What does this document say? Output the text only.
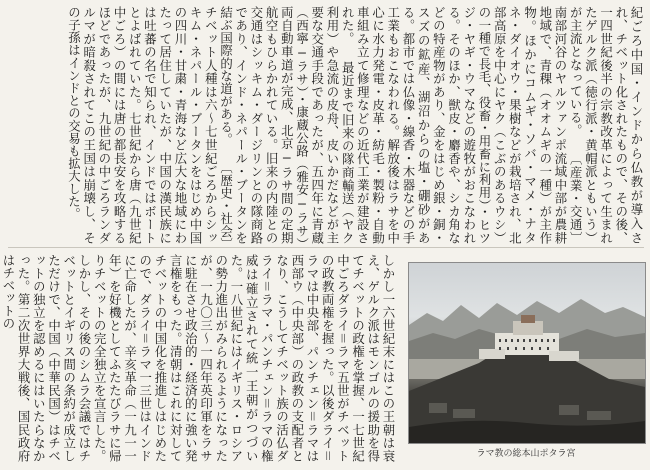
紀ごろ中国・インドから仏教が導入され、チベット化されたもので、その後、一四世紀後半の宗教改革によって生まれたゲルク派（徳行派・黄帽派ともいう）が主流となっている。 〔産業・交通〕南部河谷のヤルツァンポ流域中部が農耕地域で、青稞（オオムギの一種）が主作物。ほかにコムギ・ソバ・マメ・ナタネ・ダイオウ・果樹などが栽培され、北部高原を中心にヤク（こぶのあるウシ）の一種で長毛、役畜・用畜に利用）・ヒツジ・ヤギ・ウマなどの遊牧がおこなわれる。そのほか、獣皮・麝香や、シカ角などの特産物があり、金をはじめ銀・銅・スズの鉱産、湖沼からの塩・硼砂がある。都市では仏像・線香・木器などの手工業もおこなわれる。解放後はラサを中心に水力発電・皮革・紡毛・製粉・自動車組み立て修理などの近代工業が建設された。 最近まで旧来の隊商輸送（ヤク利用）や急流の皮舟、皮いかだなどが主要な交通手段であったが、五四年に青蔵（西寧−ラサ）・康蔵公路（雅安−ラサ）両自動車道が完成、北京−ラサ間の定期航空もひらかれている。旧来の内陸との交通はシッキム・ダージリンとの隊商路であり、インド・ネパール・ブータンを結ぶ国際的な道がある。 〔歴史・社会〕チベット人種は六〜七世紀ごろからシッキム・ネパール・ブータンをはじめ中国の四川・甘粛・青海など広大な地域にわたって居住していたが、中国の漢民族には吐蕃の名で知られ、インドではボートとよばれていた。七世紀から唐（九世紀中ごろ）の間には唐の都長安を攻略するほどであったが、九世紀の中ごろランダルマが暗殺されてこの王国は崩壊し、その子孫はインドとの交易も拡大した。

しかし一六世紀末にはこの王朝は衰え、ゲルク派はモンゴルの援助を得てチベットの政権を掌握、一七世紀中ごろダライ＝ラマ五世がチベットの政教両権を握った。以後ダライ＝ラマは中央部、パンチェン＝ラマは西部ウ（中央部）の政教の支配者となり、こうしてチベット族の活仏ダライ＝ラマ・パンチェン＝ラマの権威は確立されて統一王朝がつづいた。一八世紀にはイギリス・ロシアの勢力進出がみられるようになったが、一九〇三〜一四年英印軍をラサに駐在させ政治的・経済的に強い発言権をもった。清朝はこれに対してチベットの中国化を推進しはじめたので、ダライ＝ラマ一三世はインドに亡命したが、辛亥革命（一九一一年）を好機としてふたたびラサに帰りチベットの完全独立を宣言した。しかし、その後のシムラ会議ではチベットとイギリス間の条約が成立しただけで、中国（中華民国）はチベットの独立を認めるにはいたらなかった。第二次世界大戦後、国民政府はチベットの

ラマ教の総本山ポタラ宮
